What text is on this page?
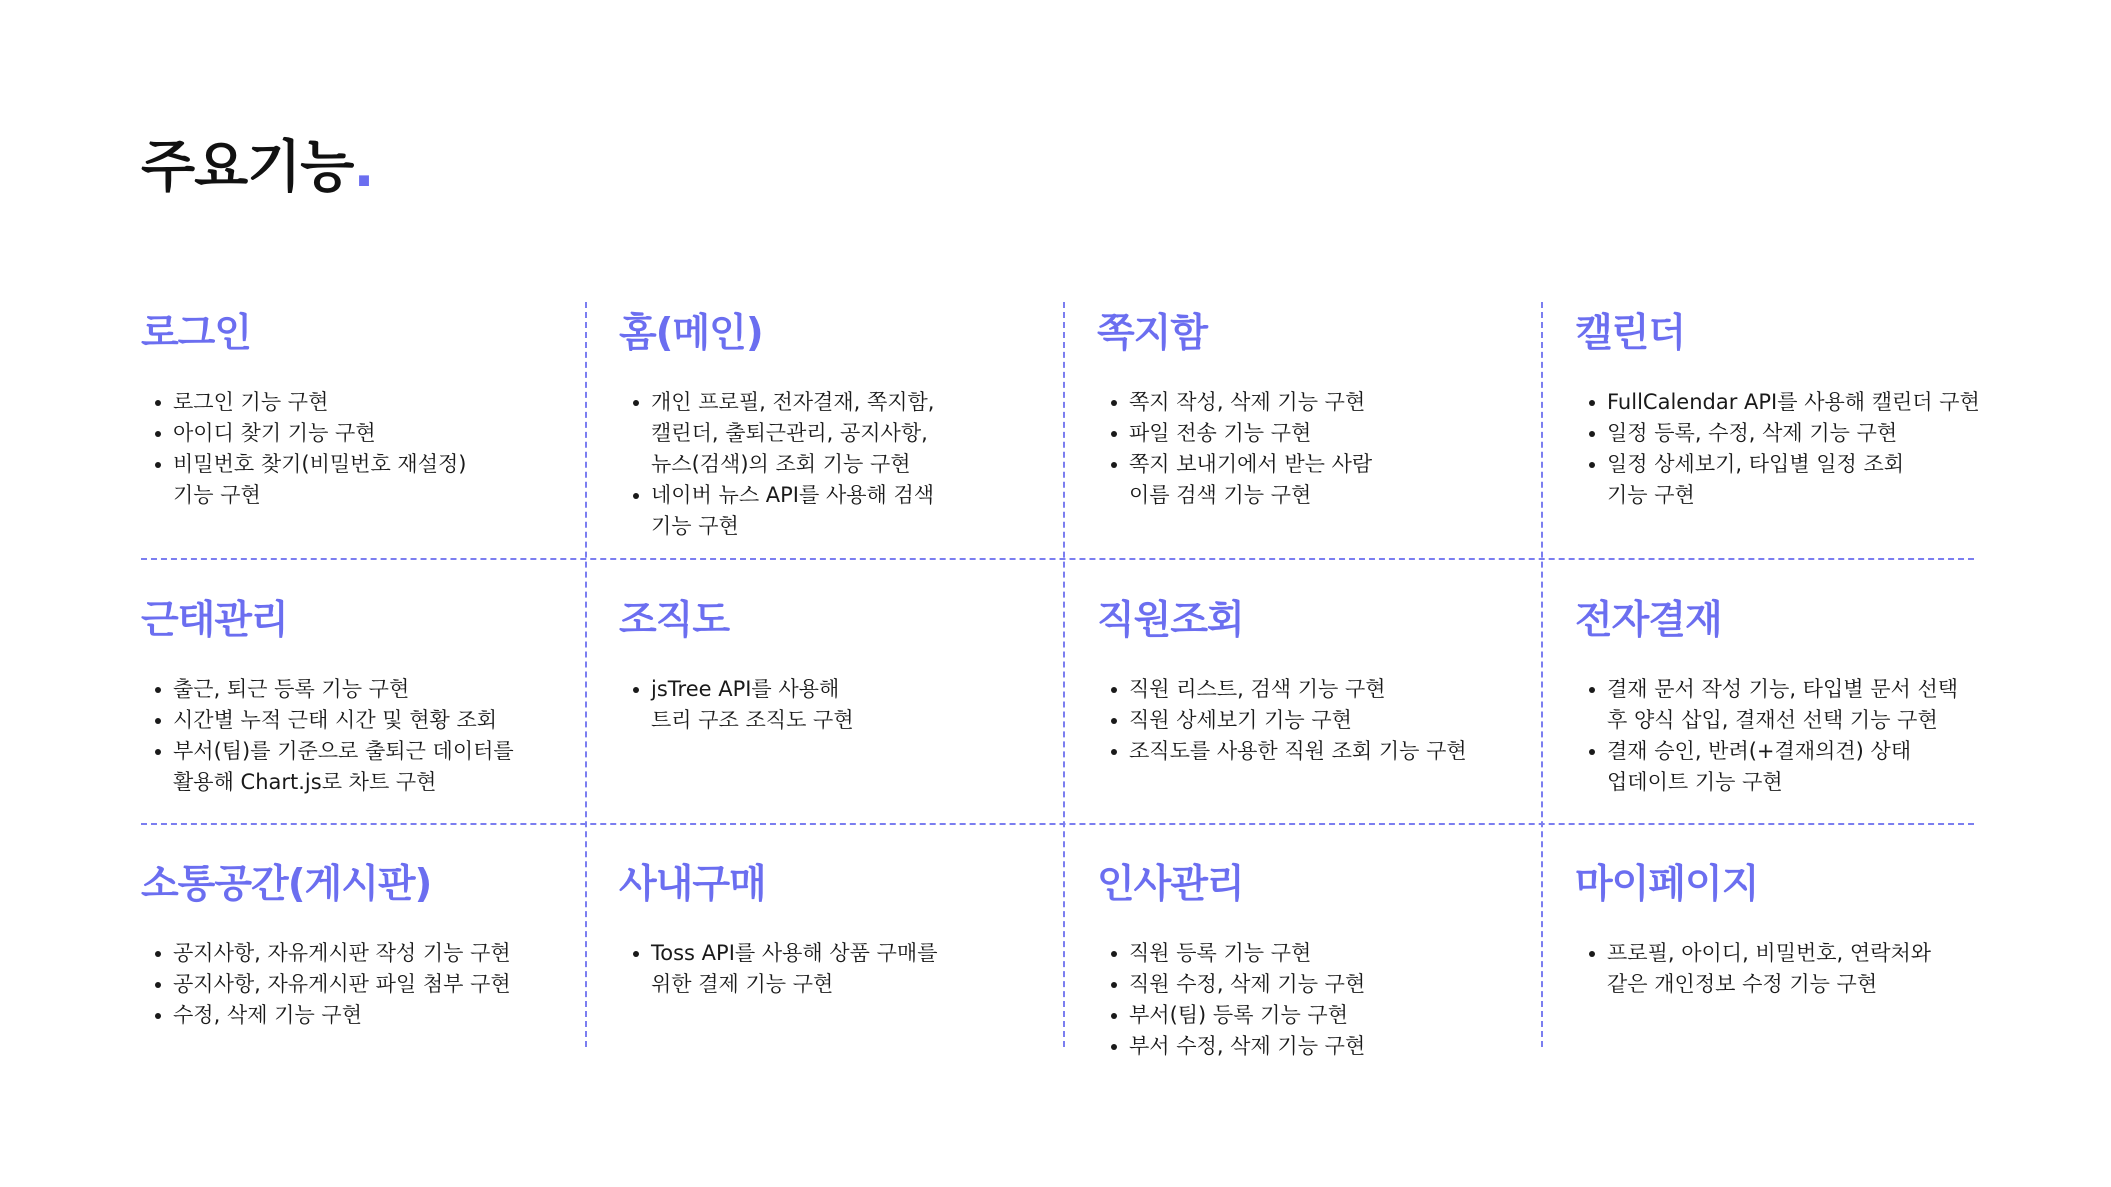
주요기능.
로그인
로그인 기능 구현
아이디 찾기 기능 구현
비밀번호 찾기(비밀번호 재설정)
기능 구현
홈(메인)
개인 프로필, 전자결재, 쪽지함,
캘린더, 출퇴근관리, 공지사항,
뉴스(검색)의 조회 기능 구현
네이버 뉴스 API를 사용해 검색
기능 구현
쪽지함
쪽지 작성, 삭제 기능 구현
파일 전송 기능 구현
쪽지 보내기에서 받는 사람
이름 검색 기능 구현
캘린더
FullCalendar API를 사용해 캘린더 구현
일정 등록, 수정, 삭제 기능 구현
일정 상세보기, 타입별 일정 조회
기능 구현
근태관리
출근, 퇴근 등록 기능 구현
시간별 누적 근태 시간 및 현황 조회
부서(팀)를 기준으로 출퇴근 데이터를
활용해 Chart.js로 차트 구현
조직도
jsTree API를 사용해
트리 구조 조직도 구현
직원조회
직원 리스트, 검색 기능 구현
직원 상세보기 기능 구현
조직도를 사용한 직원 조회 기능 구현
전자결재
결재 문서 작성 기능, 타입별 문서 선택
후 양식 삽입, 결재선 선택 기능 구현
결재 승인, 반려(+결재의견) 상태
업데이트 기능 구현
소통공간(게시판)
공지사항, 자유게시판 작성 기능 구현
공지사항, 자유게시판 파일 첨부 구현
수정, 삭제 기능 구현
사내구매
Toss API를 사용해 상품 구매를
위한 결제 기능 구현
인사관리
직원 등록 기능 구현
직원 수정, 삭제 기능 구현
부서(팀) 등록 기능 구현
부서 수정, 삭제 기능 구현
마이페이지
프로필, 아이디, 비밀번호, 연락처와
같은 개인정보 수정 기능 구현
